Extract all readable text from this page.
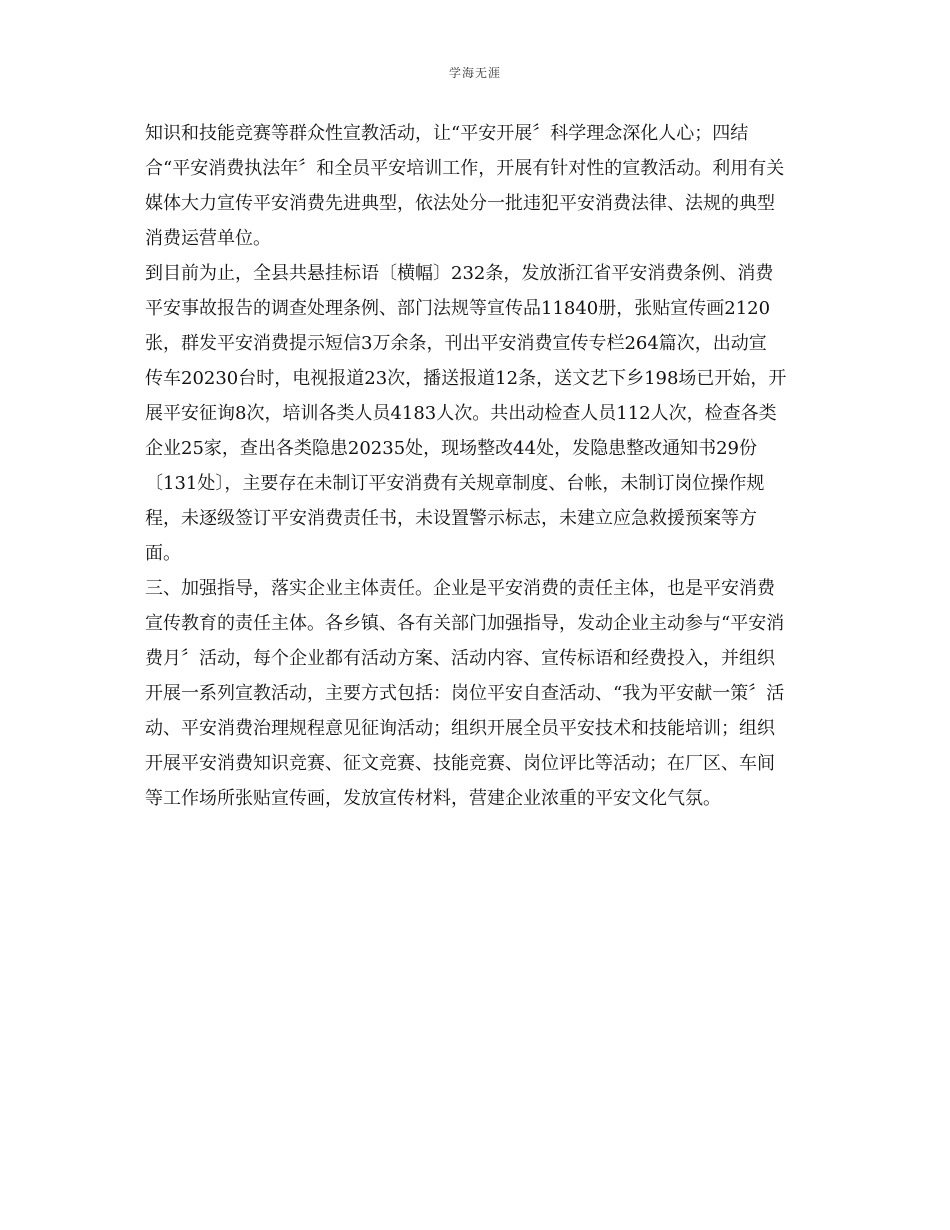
学海无涯
知识和技能竞赛等群众性宣教活动，让“平安开展〞科学理念深化人心；四结
合“平安消费执法年〞和全员平安培训工作，开展有针对性的宣教活动。利用有关
媒体大力宣传平安消费先进典型，依法处分一批违犯平安消费法律、法规的典型
消费运营单位。
到目前为止，全县共悬挂标语〔横幅〕232条，发放浙江省平安消费条例、消费
平安事故报告的调查处理条例、部门法规等宣传品11840册，张贴宣传画2120
张，群发平安消费提示短信3万余条，刊出平安消费宣传专栏264篇次，出动宣
传车20230台时，电视报道23次，播送报道12条，送文艺下乡198场已开始，开
展平安征询8次，培训各类人员4183人次。共出动检查人员112人次，检查各类
企业25家，查出各类隐患20235处，现场整改44处，发隐患整改通知书29份
〔131处〕，主要存在未制订平安消费有关规章制度、台帐，未制订岗位操作规
程，未逐级签订平安消费责任书，未设置警示标志，未建立应急救援预案等方
面。
三、加强指导，落实企业主体责任。企业是平安消费的责任主体，也是平安消费
宣传教育的责任主体。各乡镇、各有关部门加强指导，发动企业主动参与“平安消
费月〞活动，每个企业都有活动方案、活动内容、宣传标语和经费投入，并组织
开展一系列宣教活动，主要方式包括：岗位平安自查活动、“我为平安献一策〞活
动、平安消费治理规程意见征询活动；组织开展全员平安技术和技能培训；组织
开展平安消费知识竞赛、征文竞赛、技能竞赛、岗位评比等活动；在厂区、车间
等工作场所张贴宣传画，发放宣传材料，营建企业浓重的平安文化气氛。
